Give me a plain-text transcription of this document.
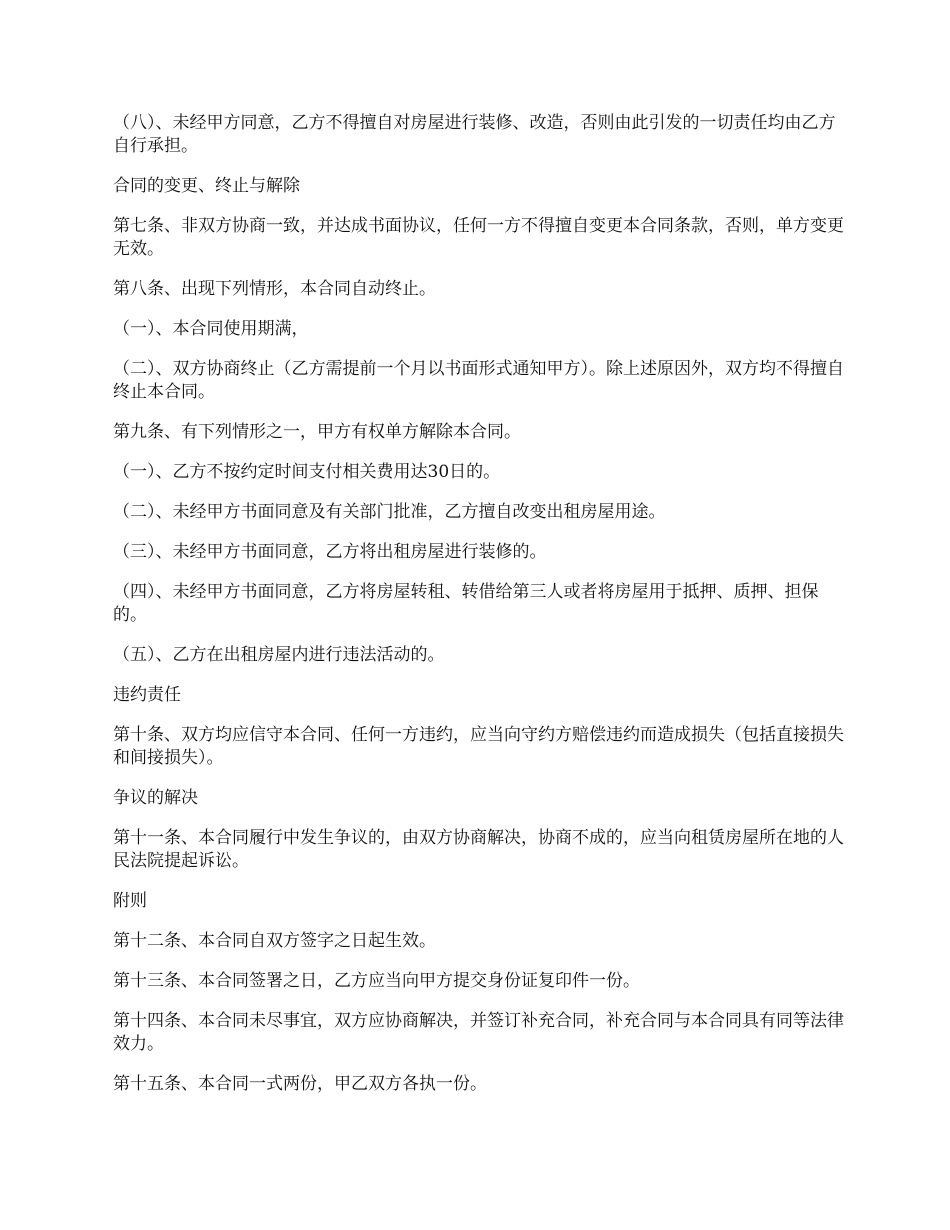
（八）、未经甲方同意，乙方不得擅自对房屋进行装修、改造，否则由此引发的一切责任均由乙方自行承担。

合同的变更、终止与解除

第七条、非双方协商一致，并达成书面协议，任何一方不得擅自变更本合同条款，否则，单方变更无效。

第八条、出现下列情形，本合同自动终止。

（一）、本合同使用期满，

（二）、双方协商终止（乙方需提前一个月以书面形式通知甲方）。除上述原因外，双方均不得擅自终止本合同。

第九条、有下列情形之一，甲方有权单方解除本合同。

（一）、乙方不按约定时间支付相关费用达30日的。

（二）、未经甲方书面同意及有关部门批准，乙方擅自改变出租房屋用途。

（三）、未经甲方书面同意，乙方将出租房屋进行装修的。

（四）、未经甲方书面同意，乙方将房屋转租、转借给第三人或者将房屋用于抵押、质押、担保的。

（五）、乙方在出租房屋内进行违法活动的。

违约责任

第十条、双方均应信守本合同、任何一方违约，应当向守约方赔偿违约而造成损失（包括直接损失和间接损失）。

争议的解决

第十一条、本合同履行中发生争议的，由双方协商解决，协商不成的，应当向租赁房屋所在地的人民法院提起诉讼。

附则

第十二条、本合同自双方签字之日起生效。

第十三条、本合同签署之日，乙方应当向甲方提交身份证复印件一份。

第十四条、本合同未尽事宜，双方应协商解决，并签订补充合同，补充合同与本合同具有同等法律效力。

第十五条、本合同一式两份，甲乙双方各执一份。
